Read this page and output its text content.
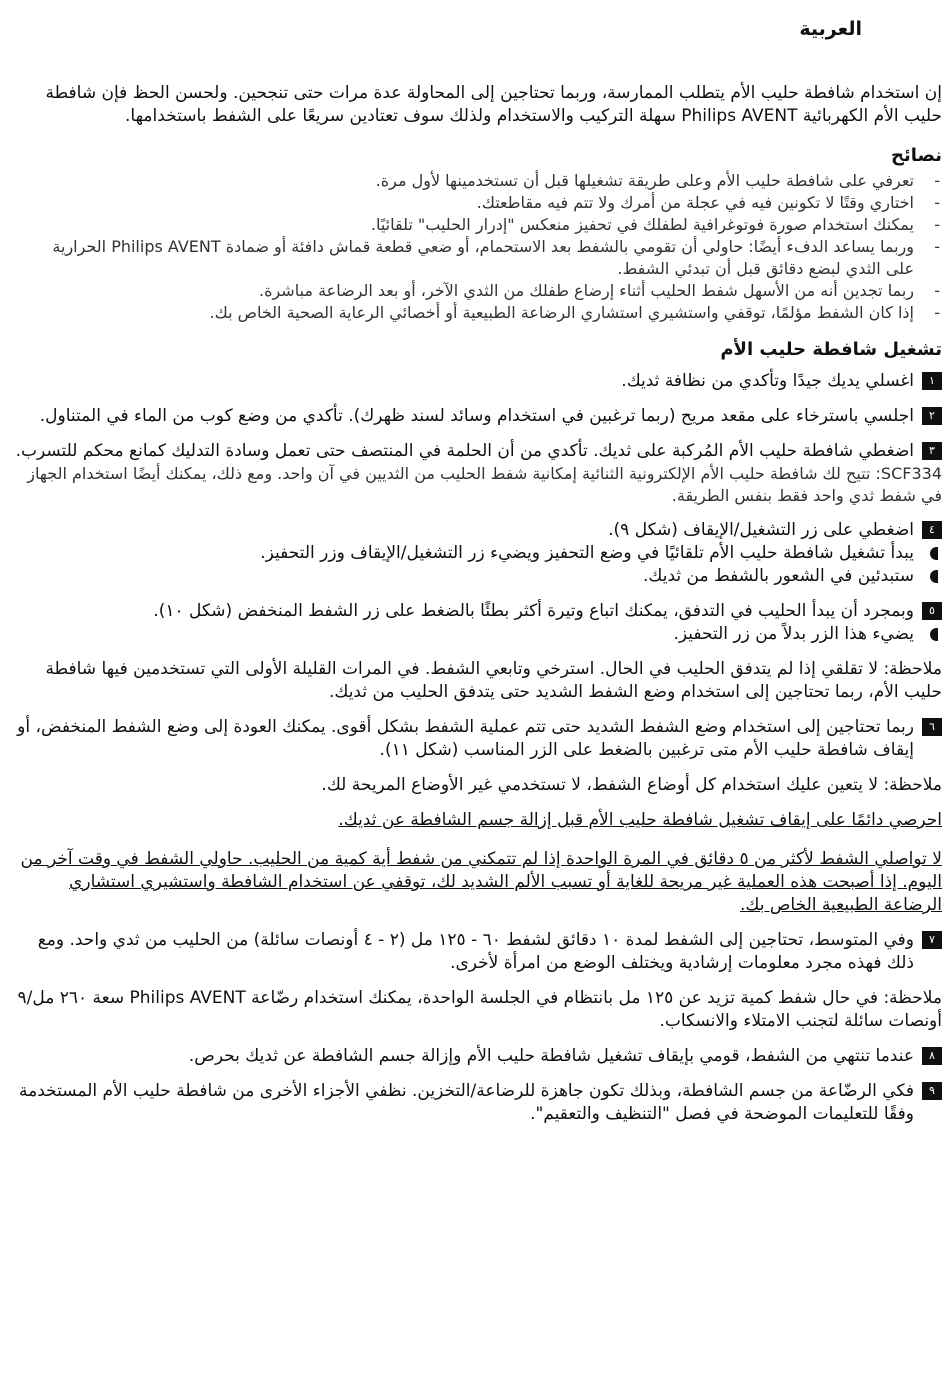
العربية

إن استخدام شافطة حليب الأم يتطلب الممارسة، وربما تحتاجين إلى المحاولة عدة مرات حتى تنجحين. ولحسن الحظ فإن شافطة حليب الأم الكهربائية Philips AVENT سهلة التركيب والاستخدام ولذلك سوف تعتادين سريعًا على الشفط باستخدامها.

نصائح
-
تعرفي على شافطة حليب الأم وعلى طريقة تشغيلها قبل أن تستخدمينها لأول مرة.
-
اختاري وقتًا لا تكونين فيه في عجلة من أمرك ولا تتم فيه مقاطعتك.
-
يمكنك استخدام صورة فوتوغرافية لطفلك في تحفيز منعكس "إدرار الحليب" تلقائيًا.
-
وربما يساعد الدفء أيضًا: حاولي أن تقومي بالشفط بعد الاستحمام، أو ضعي قطعة قماش دافئة أو ضمادة Philips AVENT الحرارية على الثدي لبضع دقائق قبل أن تبدئي الشفط.
-
ربما تجدين أنه من الأسهل شفط الحليب أثناء إرضاع طفلك من الثدي الآخر، أو بعد الرضاعة مباشرة.
-
إذا كان الشفط مؤلمًا، توقفي واستشيري استشاري الرضاعة الطبيعية أو أخصائي الرعاية الصحية الخاص بك.
تشغيل شافطة حليب الأم
١
اغسلي يديك جيدًا وتأكدي من نظافة ثديك.
٢
اجلسي باسترخاء على مقعد مريح (ربما ترغبين في استخدام وسائد لسند ظهرك). تأكدي من وضع كوب من الماء في المتناول.
٣
اضغطي شافطة حليب الأم المُركبة على ثديك. تأكدي من أن الحلمة في المنتصف حتى تعمل وسادة التدليك كمانع محكم للتسرب.

SCF334: تتيح لك شافطة حليب الأم الإلكترونية الثنائية إمكانية شفط الحليب من الثديين في آن واحد. ومع ذلك، يمكنك أيضًا استخدام الجهاز في شفط ثدي واحد فقط بنفس الطريقة.

٤
اضغطي على زر التشغيل/الإيقاف (شكل ٩).
يبدأ تشغيل شافطة حليب الأم تلقائيًا في وضع التحفيز ويضيء زر التشغيل/الإيقاف وزر التحفيز.
ستبدئين في الشعور بالشفط من ثديك.
٥
وبمجرد أن يبدأ الحليب في التدفق، يمكنك اتباع وتيرة أكثر بطئًا بالضغط على زر الشفط المنخفض (شكل ١٠).
يضيء هذا الزر بدلاً من زر التحفيز.

ملاحظة: لا تقلقي إذا لم يتدفق الحليب في الحال. استرخي وتابعي الشفط. في المرات القليلة الأولى التي تستخدمين فيها شافطة حليب الأم، ربما تحتاجين إلى استخدام وضع الشفط الشديد حتى يتدفق الحليب من ثديك.

٦
ربما تحتاجين إلى استخدام وضع الشفط الشديد حتى تتم عملية الشفط بشكل أقوى. يمكنك العودة إلى وضع الشفط المنخفض، أو إيقاف شافطة حليب الأم متى ترغبين بالضغط على الزر المناسب (شكل ١١).

ملاحظة: لا يتعين عليك استخدام كل أوضاع الشفط، لا تستخدمي غير الأوضاع المريحة لك.

احرصي دائمًا على إيقاف تشغيل شافطة حليب الأم قبل إزالة جسم الشافطة عن ثديك.

لا تواصلي الشفط لأكثر من ٥ دقائق في المرة الواحدة إذا لم تتمكني من شفط أية كمية من الحليب. حاولي الشفط في وقت آخر من اليوم. إذا أصبحت هذه العملية غير مريحة للغاية أو تسبب الألم الشديد لك، توقفي عن استخدام الشافطة واستشيري استشاري الرضاعة الطبيعية الخاص بك.

٧
وفي المتوسط، تحتاجين إلى الشفط لمدة ١٠ دقائق لشفط ٦٠ - ١٢٥ مل (٢ - ٤ أونصات سائلة) من الحليب من ثدي واحد. ومع ذلك فهذه مجرد معلومات إرشادية ويختلف الوضع من امرأة لأخرى.

ملاحظة: في حال شفط كمية تزيد عن ١٢٥ مل بانتظام في الجلسة الواحدة، يمكنك استخدام رضّاعة Philips AVENT سعة ٢٦٠ مل/٩ أونصات سائلة لتجنب الامتلاء والانسكاب.

٨
عندما تنتهي من الشفط، قومي بإيقاف تشغيل شافطة حليب الأم وإزالة جسم الشافطة عن ثديك بحرص.
٩
فكي الرضّاعة من جسم الشافطة، وبذلك تكون جاهزة للرضاعة/التخزين. نظفي الأجزاء الأخرى من شافطة حليب الأم المستخدمة وفقًا للتعليمات الموضحة في فصل "التنظيف والتعقيم".
